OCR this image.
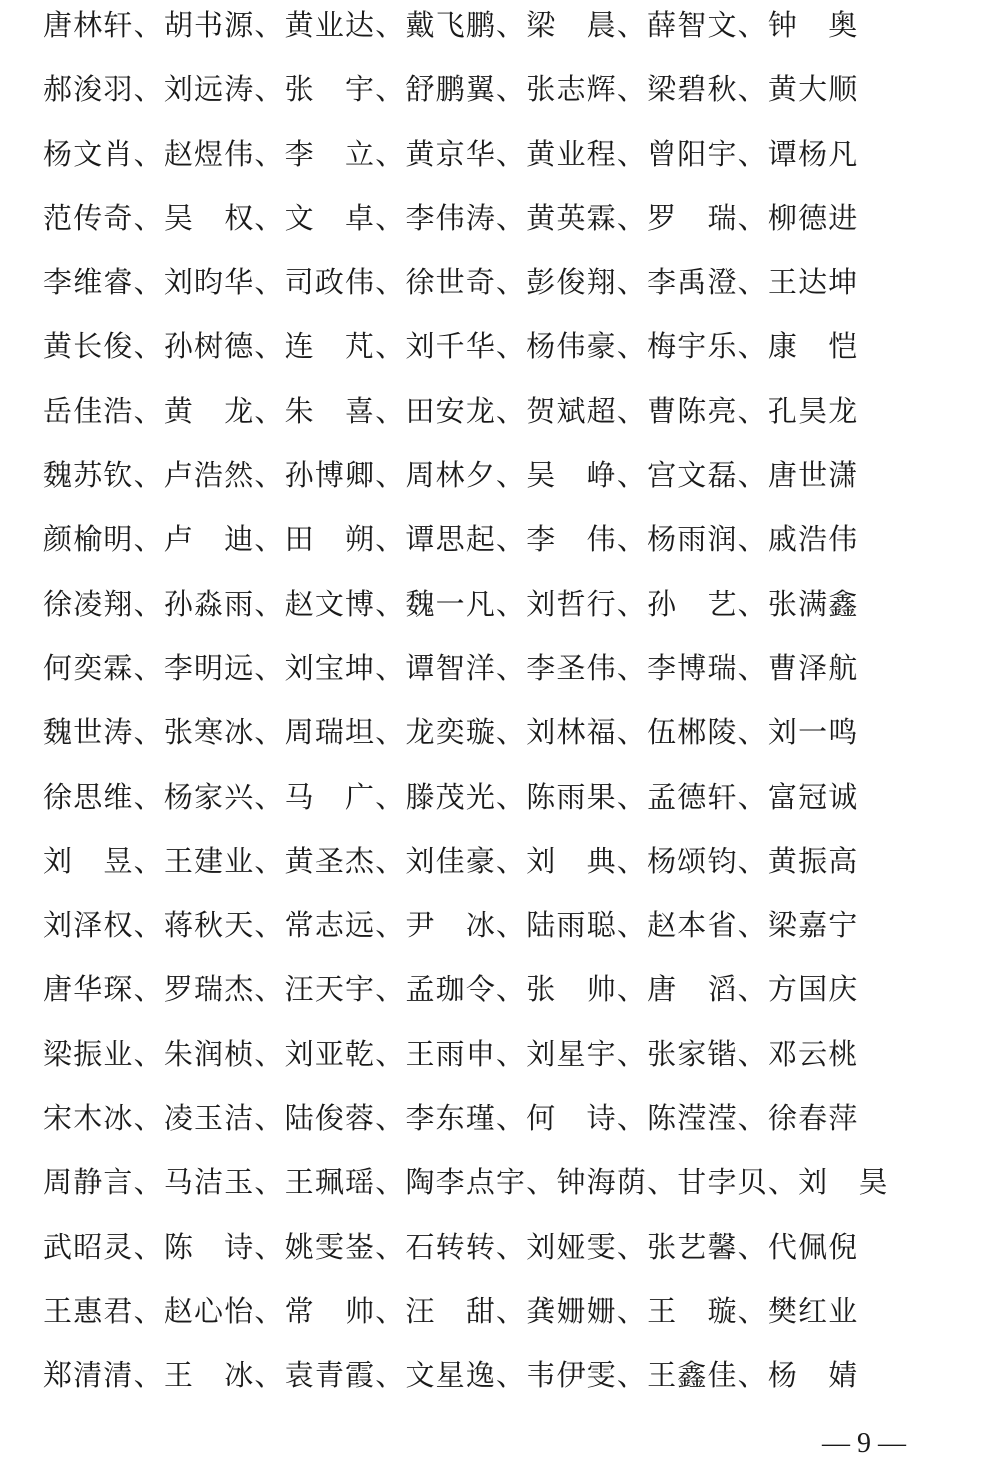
唐林轩、胡书源、黄业达、戴飞鹏、梁　晨、薛智文、钟　奥
郝浚羽、刘远涛、张　宇、舒鹏翼、张志辉、梁碧秋、黄大顺
杨文肖、赵煜伟、李　立、黄京华、黄业程、曾阳宇、谭杨凡
范传奇、吴　权、文　卓、李伟涛、黄英霖、罗　瑞、柳德进
李维睿、刘昀华、司政伟、徐世奇、彭俊翔、李禹澄、王达坤
黄长俊、孙树德、连　芃、刘千华、杨伟豪、梅宇乐、康　恺
岳佳浩、黄　龙、朱　喜、田安龙、贺斌超、曹陈亮、孔昊龙
魏苏钦、卢浩然、孙博卿、周林夕、吴　峥、宫文磊、唐世潇
颜榆明、卢　迪、田　朔、谭思起、李　伟、杨雨润、戚浩伟
徐凌翔、孙淼雨、赵文博、魏一凡、刘哲行、孙　艺、张满鑫
何奕霖、李明远、刘宝坤、谭智洋、李圣伟、李博瑞、曹泽航
魏世涛、张寒冰、周瑞坦、龙奕璇、刘林福、伍郴陵、刘一鸣
徐思维、杨家兴、马　广、滕茂光、陈雨果、孟德轩、富冠诚
刘　昱、王建业、黄圣杰、刘佳豪、刘　典、杨颂钧、黄振高
刘泽权、蒋秋天、常志远、尹　冰、陆雨聪、赵本省、梁嘉宁
唐华琛、罗瑞杰、汪天宇、孟珈令、张　帅、唐　滔、方国庆
梁振业、朱润桢、刘亚乾、王雨申、刘星宇、张家锴、邓云桃
宋木冰、凌玉洁、陆俊蓉、李东瑾、何　诗、陈滢滢、徐春萍
周静言、马洁玉、王珮瑶、陶李点宇、钟海荫、甘孛贝、刘　昊
武昭灵、陈　诗、姚雯崟、石转转、刘娅雯、张艺馨、代佩倪
王惠君、赵心怡、常　帅、汪　甜、龚姗姗、王　璇、樊红业
郑清清、王　冰、袁青霞、文星逸、韦伊雯、王鑫佳、杨　婧
— 9 —
